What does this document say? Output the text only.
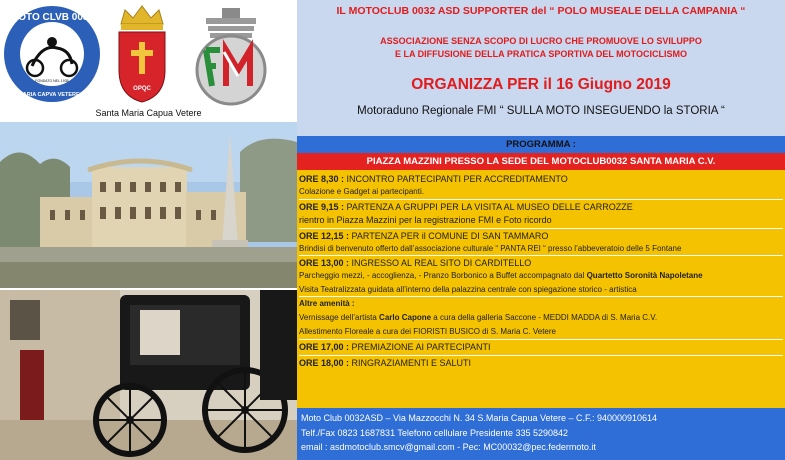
MOTO CLVB 0032
S. MARIA CAPVA VETERE (CE)
FONDATO NEL 1935
OPQC
Santa Maria Capua Vetere
IL MOTOCLUB 0032 ASD SUPPORTER del “ POLO MUSEALE DELLA CAMPANIA “
ASSOCIAZIONE SENZA SCOPO DI LUCRO CHE PROMUOVE LO SVILUPPO
E LA DIFFUSIONE DELLA PRATICA SPORTIVA DEL MOTOCICLISMO
ORGANIZZA PER il 16 Giugno 2019
Motoraduno Regionale FMI “ SULLA MOTO INSEGUENDO la STORIA “
PROGRAMMA :
PIAZZA MAZZINI PRESSO LA SEDE DEL MOTOCLUB0032 SANTA MARIA C.V.
ORE 8,30 : INCONTRO PARTECIPANTI PER ACCREDITAMENTO
Colazione e Gadget ai partecipanti.
ORE 9,15 : PARTENZA A GRUPPI PER LA VISITA AL MUSEO DELLE CARROZZE
rientro in Piazza Mazzini per la registrazione FMI e Foto ricordo
ORE 12,15 : PARTENZA PER il COMUNE DI SAN TAMMARO
Brindisi di benvenuto offerto dall’associazione culturale “ PANTA REI “ presso l’abbeveratoio delle 5 Fontane
ORE 13,00 : INGRESSO AL REAL SITO DI CARDITELLO
Parcheggio mezzi, - accoglienza, - Pranzo Borbonico a Buffet accompagnato dal Quartetto Soronità Napoletane
Visita Teatralizzata guidata all’interno della palazzina centrale con spiegazione storico - artistica
Altre amenità :
Vernissage dell’artista Carlo Capone a cura della galleria Saccone - MEDDI MADDA di S. Maria C.V.
Allestimento Floreale a cura dei FIORISTI BUSICO di S. Maria C. Vetere
ORE 17,00 : PREMIAZIONE AI PARTECIPANTI
ORE 18,00 : RINGRAZIAMENTI E SALUTI
Moto Club 0032ASD – Via Mazzocchi N. 34 S.Maria Capua Vetere – C.F.: 940000910614
Telf./Fax 0823 1687831 Telefono cellulare Presidente 335 5290842
email : asdmotoclub.smcv@gmail.com - Pec: MC00032@pec.federmoto.it
